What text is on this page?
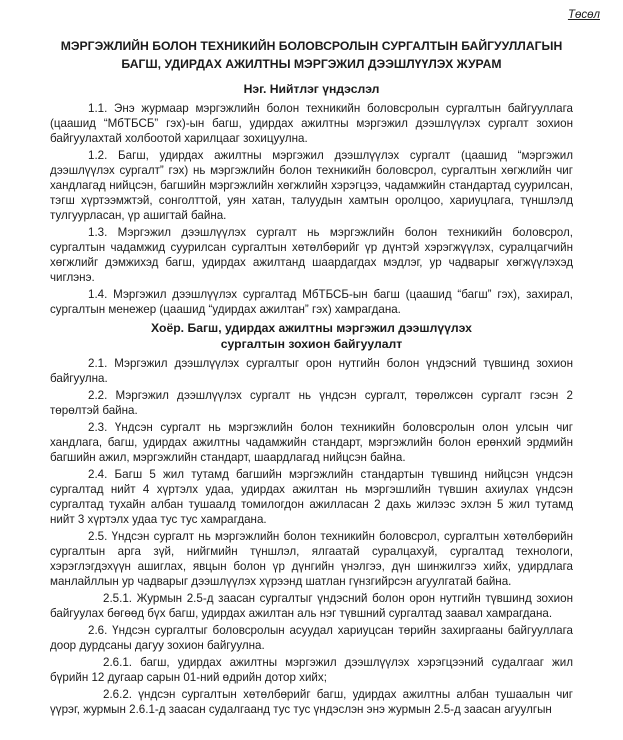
Төсөл
МЭРГЭЖЛИЙН БОЛОН ТЕХНИКИЙН БОЛОВСРОЛЫН СУРГАЛТЫН БАЙГУУЛЛАГЫН
БАГШ, УДИРДАХ АЖИЛТНЫ МЭРГЭЖИЛ ДЭЭШЛҮҮЛЭХ ЖУРАМ
Нэг. Нийтлэг үндэслэл

1.1. Энэ журмаар мэргэжлийн болон техникийн боловсролын сургалтын байгууллага (цаашид “МбТБСБ” гэх)-ын багш, удирдах ажилтны мэргэжил дээшлүүлэх сургалт зохион байгуулахтай холбоотой харилцааг зохицуулна.

1.2. Багш, удирдах ажилтны мэргэжил дээшлүүлэх сургалт (цаашид “мэргэжил дээшлүүлэх сургалт” гэх) нь мэргэжлийн болон техникийн боловсрол, сургалтын хөгжлийн чиг хандлагад нийцсэн, багшийн мэргэжлийн хөгжлийн хэрэгцээ, чадамжийн стандартад суурилсан, тэгш хүртээмжтэй, сонголттой, уян хатан, талуудын хамтын оролцоо, хариуцлага, түншлэлд тулгуурласан, үр ашигтай байна.

1.3. Мэргэжил дээшлүүлэх сургалт нь мэргэжлийн болон техникийн боловсрол, сургалтын чадамжид суурилсан сургалтын хөтөлбөрийг үр дүнтэй хэрэгжүүлэх, суралцагчийн хөгжлийг дэмжихэд багш, удирдах ажилтанд шаардагдах мэдлэг, ур чадварыг хөгжүүлэхэд чиглэнэ.

1.4. Мэргэжил дээшлүүлэх сургалтад МбТБСБ-ын багш (цаашид “багш” гэх), захирал, сургалтын менежер (цаашид “удирдах ажилтан” гэх) хамрагдана.

Хоёр. Багш, удирдах ажилтны мэргэжил дээшлүүлэх
сургалтын зохион байгуулалт

2.1. Мэргэжил дээшлүүлэх сургалтыг орон нутгийн болон үндэсний түвшинд зохион байгуулна.

2.2. Мэргэжил дээшлүүлэх сургалт нь үндсэн сургалт, төрөлжсөн сургалт гэсэн 2 төрөлтэй байна.

2.3. Үндсэн сургалт нь мэргэжлийн болон техникийн боловсролын олон улсын чиг хандлага, багш, удирдах ажилтны чадамжийн стандарт, мэргэжлийн болон ерөнхий эрдмийн багшийн ажил, мэргэжлийн стандарт, шаардлагад нийцсэн байна.

2.4. Багш 5 жил тутамд багшийн мэргэжлийн стандартын түвшинд нийцсэн үндсэн сургалтад нийт 4 хүртэлх удаа, удирдах ажилтан нь мэргэшлийн түвшин ахиулах үндсэн сургалтад тухайн албан тушаалд томилогдон ажилласан 2 дахь жилээс эхлэн 5 жил тутамд нийт 3 хүртэлх удаа тус тус хамрагдана.

2.5. Үндсэн сургалт нь мэргэжлийн болон техникийн боловсрол, сургалтын хөтөлбөрийн сургалтын арга зүй, нийгмийн түншлэл, ялгаатай суралцахуй, сургалтад технологи, хэрэглэгдэхүүн ашиглах, явцын болон үр дүнгийн үнэлгээ, дүн шинжилгээ хийх, удирдлага манлайллын ур чадварыг дээшлүүлэх хүрээнд шатлан гүнзгийрсэн агуулгатай байна.

2.5.1. Журмын 2.5-д заасан сургалтыг үндэсний болон орон нутгийн түвшинд зохион байгуулах бөгөөд бүх багш, удирдах ажилтан аль нэг түвшний сургалтад заавал хамрагдана.

2.6. Үндсэн сургалтыг боловсролын асуудал хариуцсан төрийн захиргааны байгууллага доор дурдсаны дагуу зохион байгуулна.

2.6.1. багш, удирдах ажилтны мэргэжил дээшлүүлэх хэрэгцээний судалгааг жил бүрийн 12 дугаар сарын 01-ний өдрийн дотор хийх;

2.6.2. үндсэн сургалтын хөтөлбөрийг багш, удирдах ажилтны албан тушаалын чиг үүрэг, журмын 2.6.1-д заасан судалгаанд тус тус үндэслэн энэ журмын 2.5-д заасан агуулгын
